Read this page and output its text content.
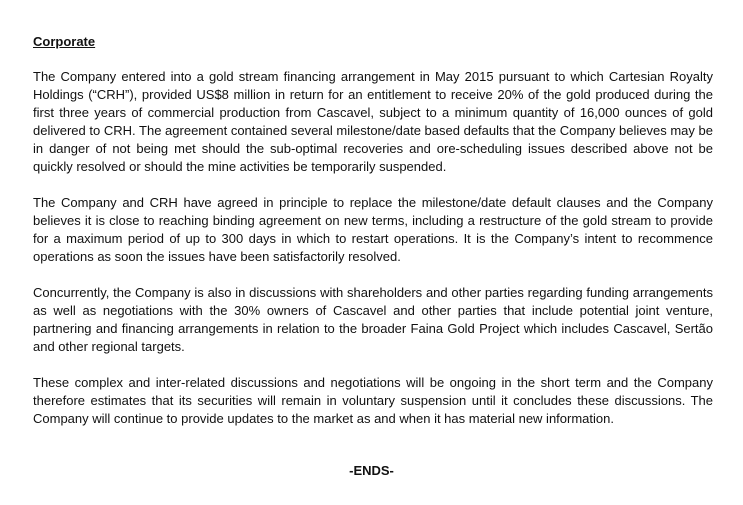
Corporate

The Company entered into a gold stream financing arrangement in May 2015 pursuant to which Cartesian Royalty Holdings (“CRH”), provided US$8 million in return for an entitlement to receive 20% of the gold produced during the first three years of commercial production from Cascavel, subject to a minimum quantity of 16,000 ounces of gold delivered to CRH. The agreement contained several milestone/date based defaults that the Company believes may be in danger of not being met should the sub-optimal recoveries and ore-scheduling issues described above not be quickly resolved or should the mine activities be temporarily suspended.

The Company and CRH have agreed in principle to replace the milestone/date default clauses and the Company believes it is close to reaching binding agreement on new terms, including a restructure of the gold stream to provide for a maximum period of up to 300 days in which to restart operations. It is the Company’s intent to recommence operations as soon the issues have been satisfactorily resolved.

Concurrently, the Company is also in discussions with shareholders and other parties regarding funding arrangements as well as negotiations with the 30% owners of Cascavel and other parties that include potential joint venture, partnering and financing arrangements in relation to the broader Faina Gold Project which includes Cascavel, Sertão and other regional targets.

These complex and inter-related discussions and negotiations will be ongoing in the short term and the Company therefore estimates that its securities will remain in voluntary suspension until it concludes these discussions. The Company will continue to provide updates to the market as and when it has material new information.

-ENDS-
